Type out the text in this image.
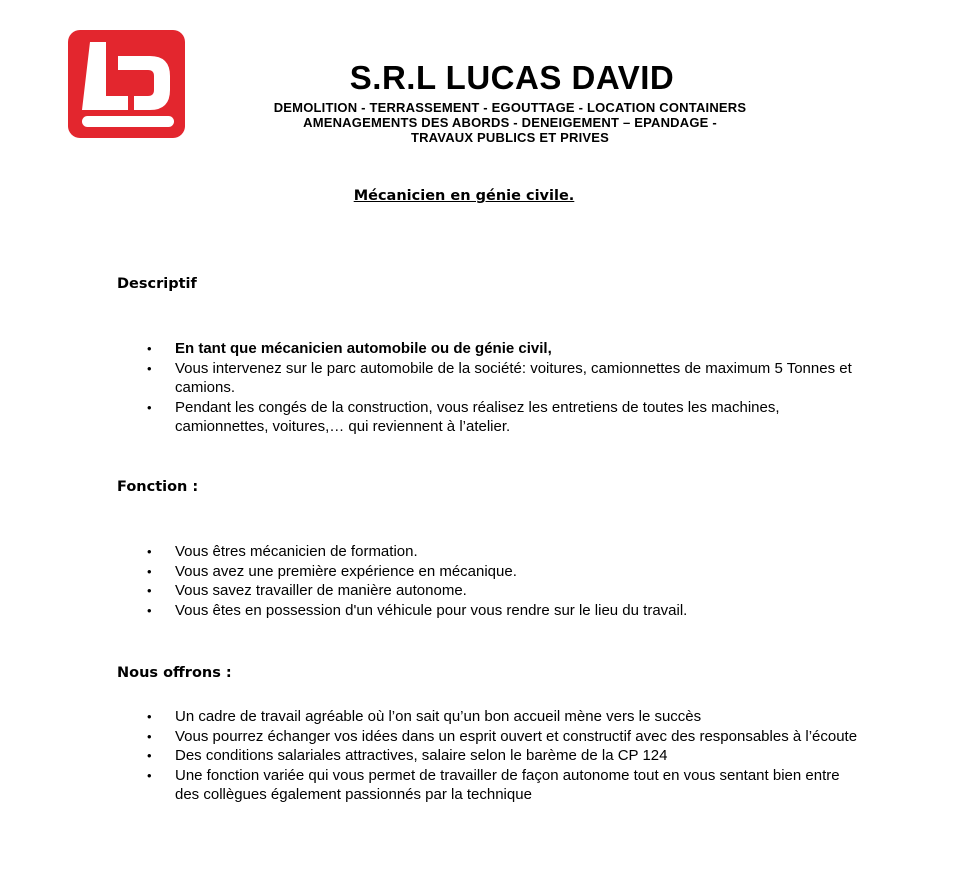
S.R.L LUCAS DAVID
DEMOLITION - TERRASSEMENT - EGOUTTAGE - LOCATION CONTAINERS
AMENAGEMENTS DES ABORDS - DENEIGEMENT – EPANDAGE -
TRAVAUX PUBLICS ET PRIVES
Mécanicien en génie civile.
Descriptif
• En tant que mécanicien automobile ou de génie civil,
• Vous intervenez sur le parc automobile de la société: voitures, camionnettes de maximum 5 Tonnes et camions.
• Pendant les congés de la construction, vous réalisez les entretiens de toutes les machines, camionnettes, voitures,… qui reviennent à l’atelier.
Fonction :
• Vous êtres mécanicien de formation.
• Vous avez une première expérience en mécanique.
• Vous savez travailler de manière autonome.
• Vous êtes en possession d'un véhicule pour vous rendre sur le lieu du travail.
Nous offrons :
• Un cadre de travail agréable où l’on sait qu’un bon accueil mène vers le succès
• Vous pourrez échanger vos idées dans un esprit ouvert et constructif avec des responsables à l’écoute
• Des conditions salariales attractives, salaire selon le barème de la CP 124
• Une fonction variée qui vous permet de travailler de façon autonome tout en vous sentant bien entre des collègues également passionnés par la technique
